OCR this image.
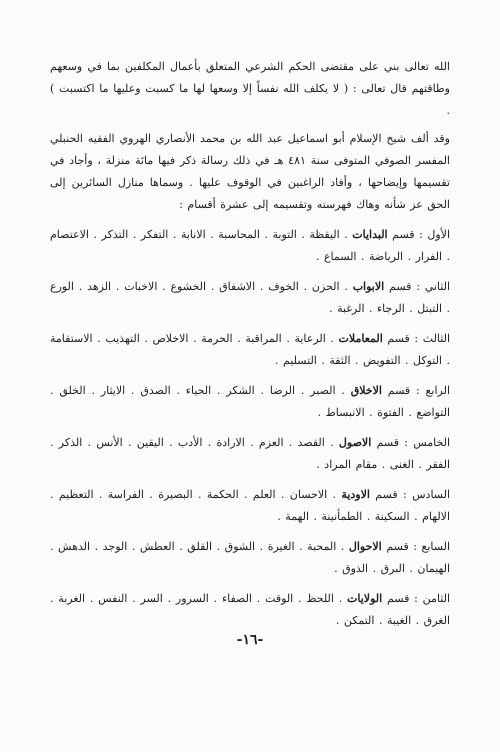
الله تعالى بني على مقتضى الحكم الشرعي المتعلق بأعمال المكلفين بما في وسعهم وطاقتهم قال تعالى : ( لا يكلف الله نفساً إلا وسعها لها ما كسبت وعليها ما اكتسبت ) .

وقد ألف شيخ الإسلام أبو اسماعيل عبد الله بن محمد الأنصاري الهروي الفقيه الحنبلي المفسر الصوفي المتوفى سنة ٤٨١ هـ في ذلك رسالة ذكر فيها مائة منزلة ، وأجاد في تقسيمها وإيضاحها ، وأفاد الراغبين في الوقوف عليها . وسماها منازل السائرين إلى الحق عز شأنه وهاك فهرسته وتقسيمه إلى عشرة أقسام :

الأول : قسم البدايات . اليقظة . التوبة . المحاسبة . الانابة . التفكر . التذكر . الاعتصام . الفرار . الرياضة . السماع .

الثاني : قسم الابواب . الحزن . الخوف . الاشفاق . الخشوع . الاخبات . الزهد . الورع . التبتل . الرجاء . الرغبة .

الثالث : قسم المعاملات . الرعاية . المراقبة . الحرمة . الاخلاص . التهذيب . الاستقامة . التوكل . التفويض . الثقة . التسليم .

الرابع : قسم الاخلاق . الصبر . الرضا . الشكر . الحياء . الصدق . الايثار . الخلق . التواضع . الفتوة . الانبساط .

الخامس : قسم الاصول . القصد . العزم . الارادة . الأدب . اليقين . الأنس . الذكر . الفقر . الغنى . مقام المراد .

السادس : قسم الاودية . الاحسان . العلم . الحكمة . البصيرة . الفراسة . التعظيم . الالهام . السكينة . الطمأنينة . الهمة .

السابع : قسم الاحوال . المحبة . الغيرة . الشوق . القلق . العطش . الوجد . الدهش . الهيمان . البرق . الذوق .

الثامن : قسم الولايات . اللحظ . الوقت . الصفاء . السرور . السر . النفس . الغربة . الغرق . الغيبة . التمكن .

-١٦-
